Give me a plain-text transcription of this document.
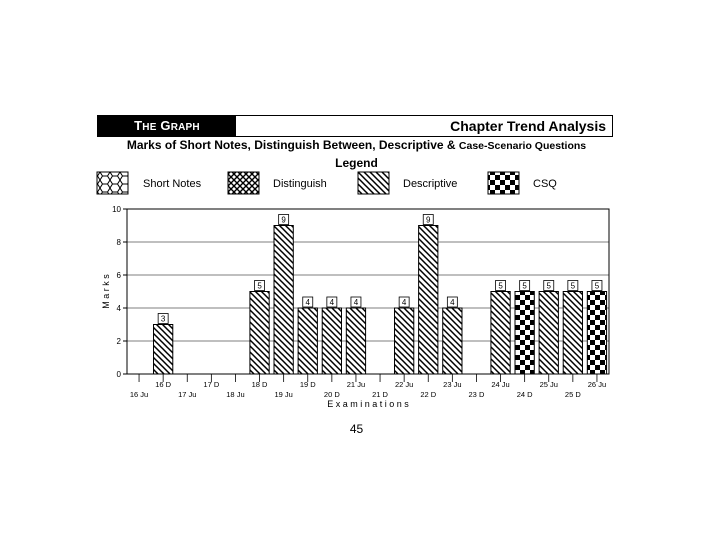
THE GRAPH	Chapter Trend Analysis
Marks of Short Notes, Distinguish Between, Descriptive & Case-Scenario Questions
Legend
Short Notes	Distinguish	Descriptive	CSQ
0
2
4
6
8
10
16 Ju
16 D
17 Ju
17 D
18 Ju
18 D
19 Ju
19 D
20 D
21 Ju
21 D
22 Ju
22 D
23 Ju
23 D
24 Ju
24 D
25 Ju
25 D
26 Ju
E x a m i n a t i o n s
M a r k s
3
5
9
4 4 4	4
9
4
5 5 5 5 5
45
